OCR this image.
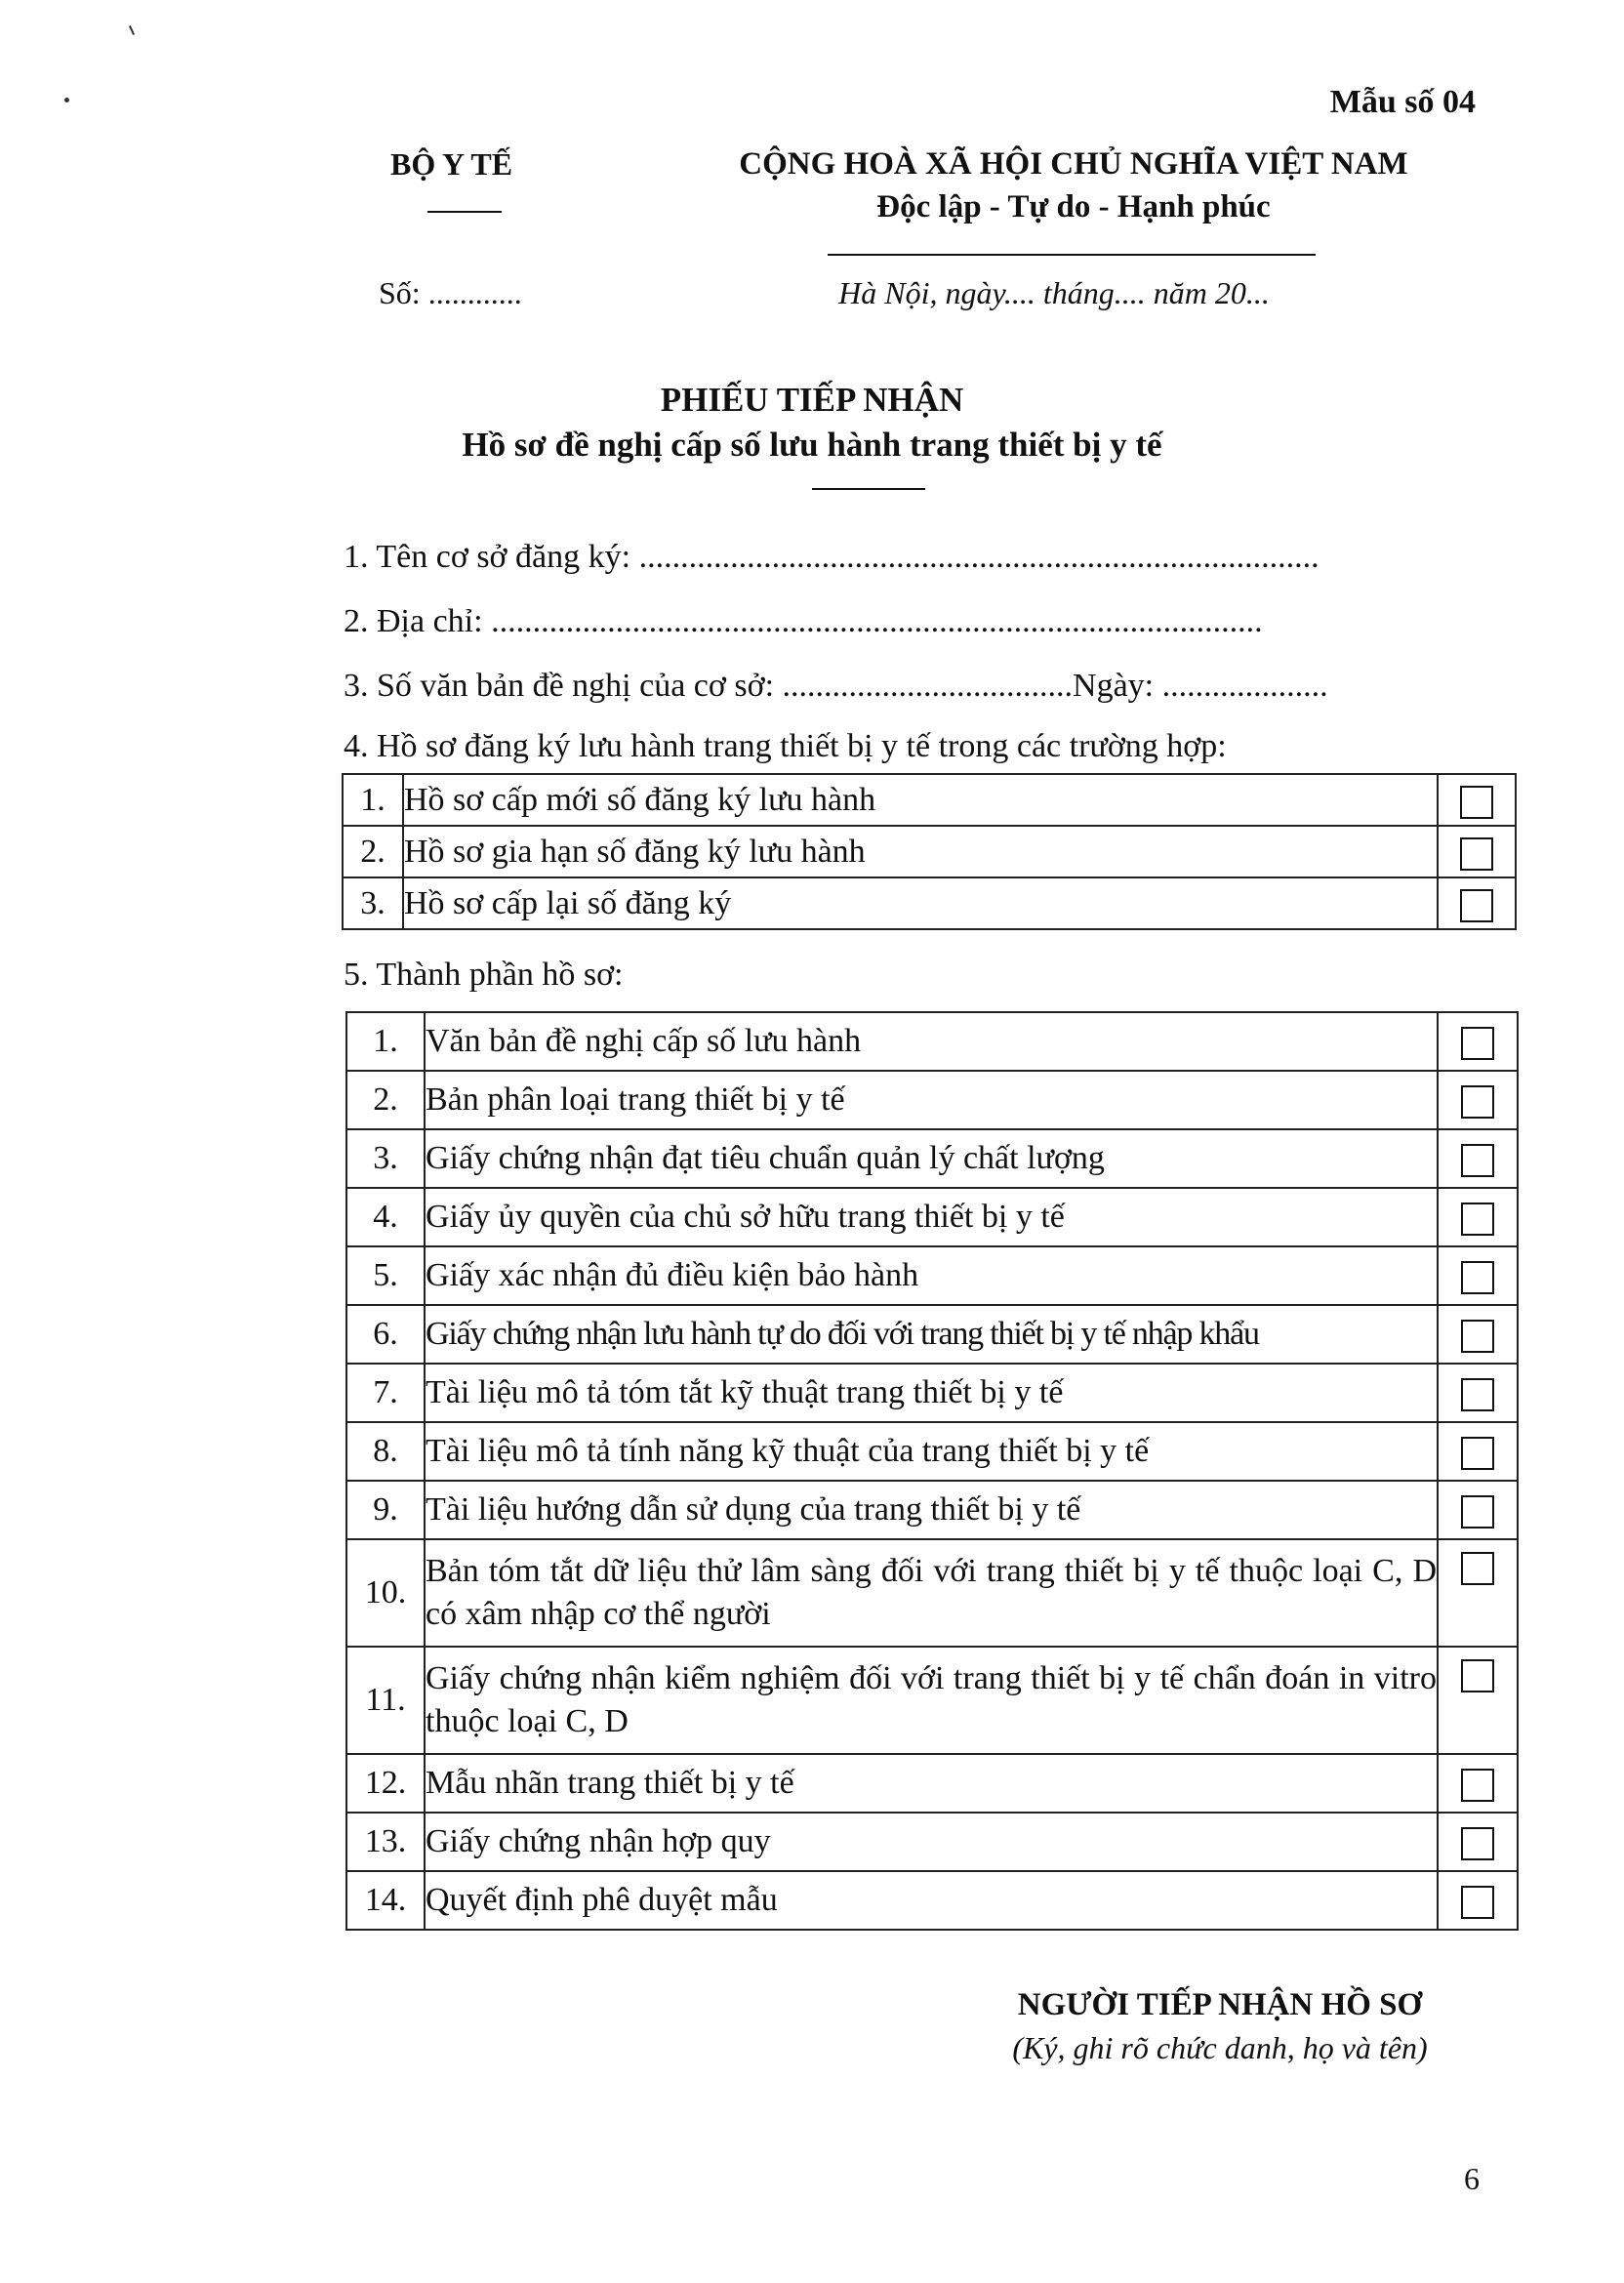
Mẫu số 04
BỘ Y TẾ	CỘNG HOÀ XÃ HỘI CHỦ NGHĨA VIỆT NAM
Độc lập - Tự do - Hạnh phúc
Số: ............	Hà Nội, ngày.... tháng.... năm 20...
PHIẾU TIẾP NHẬN
Hồ sơ đề nghị cấp số lưu hành trang thiết bị y tế
1. Tên cơ sở đăng ký: ..................................................................................
2. Địa chỉ: .............................................................................................
3. Số văn bản đề nghị của cơ sở: ...................................Ngày: ....................
4. Hồ sơ đăng ký lưu hành trang thiết bị y tế trong các trường hợp:
1.	Hồ sơ cấp mới số đăng ký lưu hành	
2.	Hồ sơ gia hạn số đăng ký lưu hành	
3.	Hồ sơ cấp lại số đăng ký	
5. Thành phần hồ sơ:
1.	Văn bản đề nghị cấp số lưu hành	
2.	Bản phân loại trang thiết bị y tế	
3.	Giấy chứng nhận đạt tiêu chuẩn quản lý chất lượng	
4.	Giấy ủy quyền của chủ sở hữu trang thiết bị y tế	
5.	Giấy xác nhận đủ điều kiện bảo hành	
6.	Giấy chứng nhận lưu hành tự do đối với trang thiết bị y tế nhập khẩu	
7.	Tài liệu mô tả tóm tắt kỹ thuật trang thiết bị y tế	
8.	Tài liệu mô tả tính năng kỹ thuật của trang thiết bị y tế	
9.	Tài liệu hướng dẫn sử dụng của trang thiết bị y tế	
10.	Bản tóm tắt dữ liệu thử lâm sàng đối với trang thiết bị y tế thuộc loại C, D có xâm nhập cơ thể người	
11.	Giấy chứng nhận kiểm nghiệm đối với trang thiết bị y tế chẩn đoán in vitro thuộc loại C, D	
12.	Mẫu nhãn trang thiết bị y tế	
13.	Giấy chứng nhận hợp quy	
14.	Quyết định phê duyệt mẫu	
NGƯỜI TIẾP NHẬN HỒ SƠ
(Ký, ghi rõ chức danh, họ và tên)
6
